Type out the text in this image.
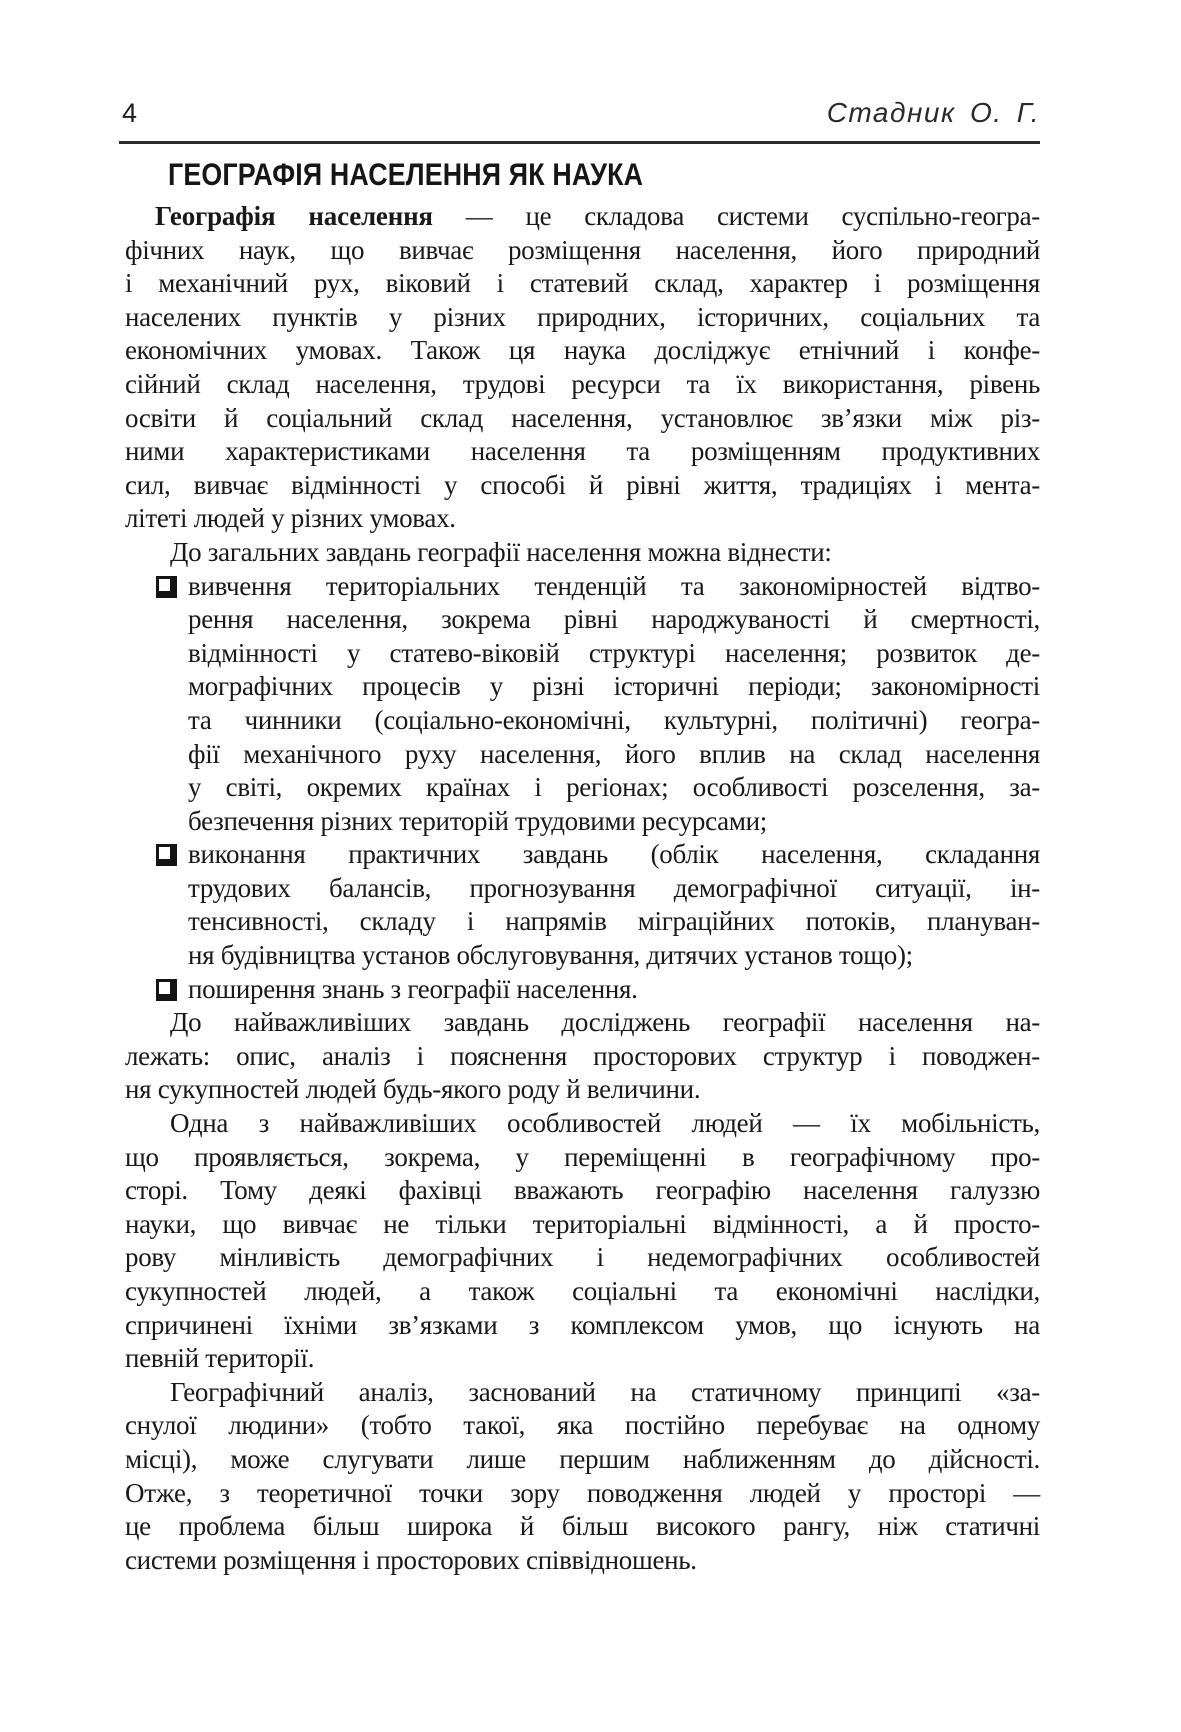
4	Стадник О. Г.
ГЕОГРАФІЯ НАСЕЛЕННЯ ЯК НАУКА
Географія населення — це складова системи суспільно-геогра-
фічних наук, що вивчає розміщення населення, його природний
і механічний рух, віковий і статевий склад, характер і розміщення
населених пунктів у різних природних, історичних, соціальних та
економічних умовах. Також ця наука досліджує етнічний і конфе-
сійний склад населення, трудові ресурси та їх використання, рівень
освіти й соціальний склад населення, установлює зв’язки між різ-
ними характеристиками населення та розміщенням продуктивних
сил, вивчає відмінності у способі й рівні життя, традиціях і мента-
літеті людей у різних умовах.
До загальних завдань географії населення можна віднести:
вивчення територіальних тенденцій та закономірностей відтво-
рення населення, зокрема рівні народжуваності й смертності,
відмінності у статево-віковій структурі населення; розвиток де-
мографічних процесів у різні історичні періоди; закономірності
та чинники (соціально-економічні, культурні, політичні) геогра-
фії механічного руху населення, його вплив на склад населення
у світі, окремих країнах і регіонах; особливості розселення, за-
безпечення різних територій трудовими ресурсами;
виконання практичних завдань (облік населення, складання
трудових балансів, прогнозування демографічної ситуації, ін-
тенсивності, складу і напрямів міграційних потоків, плануван-
ня будівництва установ обслуговування, дитячих установ тощо);
поширення знань з географії населення.
До найважливіших завдань досліджень географії населення на-
лежать: опис, аналіз і пояснення просторових структур і поводжен-
ня сукупностей людей будь-якого роду й величини.
Одна з найважливіших особливостей людей — їх мобільність,
що проявляється, зокрема, у переміщенні в географічному про-
сторі. Тому деякі фахівці вважають географію населення галуззю
науки, що вивчає не тільки територіальні відмінності, а й просто-
рову мінливість демографічних і недемографічних особливостей
сукупностей людей, а також соціальні та економічні наслідки,
спричинені їхніми зв’язками з комплексом умов, що існують на
певній території.
Географічний аналіз, заснований на статичному принципі «за-
снулої людини» (тобто такої, яка постійно перебуває на одному
місці), може слугувати лише першим наближенням до дійсності.
Отже, з теоретичної точки зору поводження людей у просторі —
це проблема більш широка й більш високого рангу, ніж статичні
системи розміщення і просторових співвідношень.
